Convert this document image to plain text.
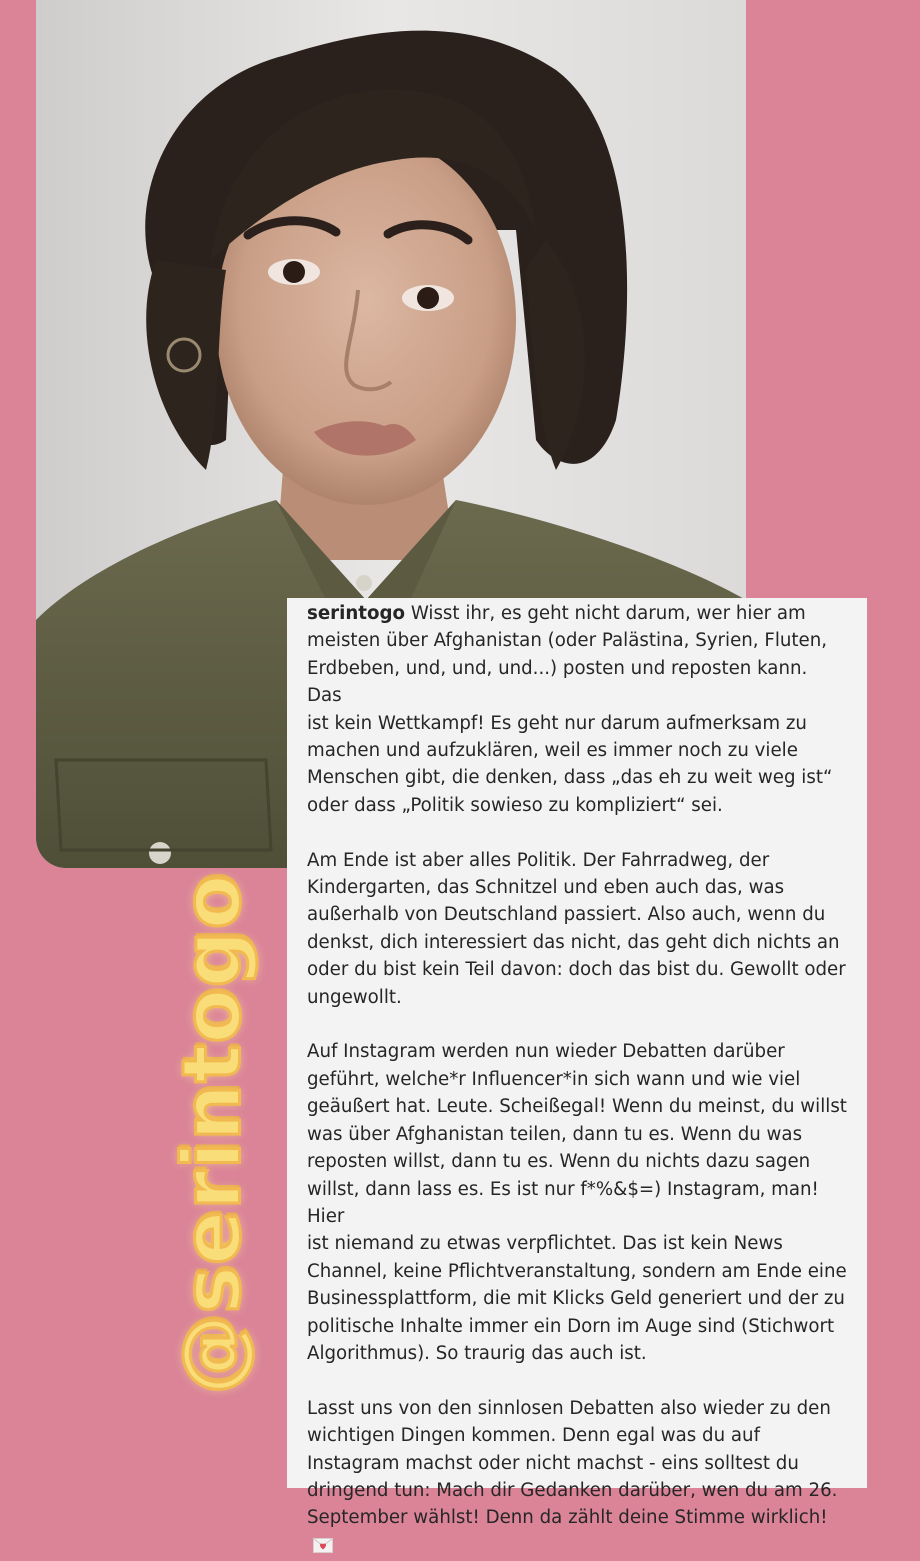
@serintogo

serintogo Wisst ihr, es geht nicht darum, wer hier am
meisten über Afghanistan (oder Palästina, Syrien, Fluten,
Erdbeben, und, und, und...) posten und reposten kann. Das
ist kein Wettkampf! Es geht nur darum aufmerksam zu
machen und aufzuklären, weil es immer noch zu viele
Menschen gibt, die denken, dass „das eh zu weit weg ist“
oder dass „Politik sowieso zu kompliziert“ sei.

Am Ende ist aber alles Politik. Der Fahrradweg, der
Kindergarten, das Schnitzel und eben auch das, was
außerhalb von Deutschland passiert. Also auch, wenn du
denkst, dich interessiert das nicht, das geht dich nichts an
oder du bist kein Teil davon: doch das bist du. Gewollt oder
ungewollt.

Auf Instagram werden nun wieder Debatten darüber
geführt, welche*r Influencer*in sich wann und wie viel
geäußert hat. Leute. Scheißegal! Wenn du meinst, du willst
was über Afghanistan teilen, dann tu es. Wenn du was
reposten willst, dann tu es. Wenn du nichts dazu sagen
willst, dann lass es. Es ist nur f*%&$=) Instagram, man! Hier
ist niemand zu etwas verpflichtet. Das ist kein News
Channel, keine Pflichtveranstaltung, sondern am Ende eine
Businessplattform, die mit Klicks Geld generiert und der zu
politische Inhalte immer ein Dorn im Auge sind (Stichwort
Algorithmus). So traurig das auch ist.

Lasst uns von den sinnlosen Debatten also wieder zu den
wichtigen Dingen kommen. Denn egal was du auf
Instagram machst oder nicht machst - eins solltest du
dringend tun: Mach dir Gedanken darüber, wen du am 26.
September wählst! Denn da zählt deine Stimme wirklich!
